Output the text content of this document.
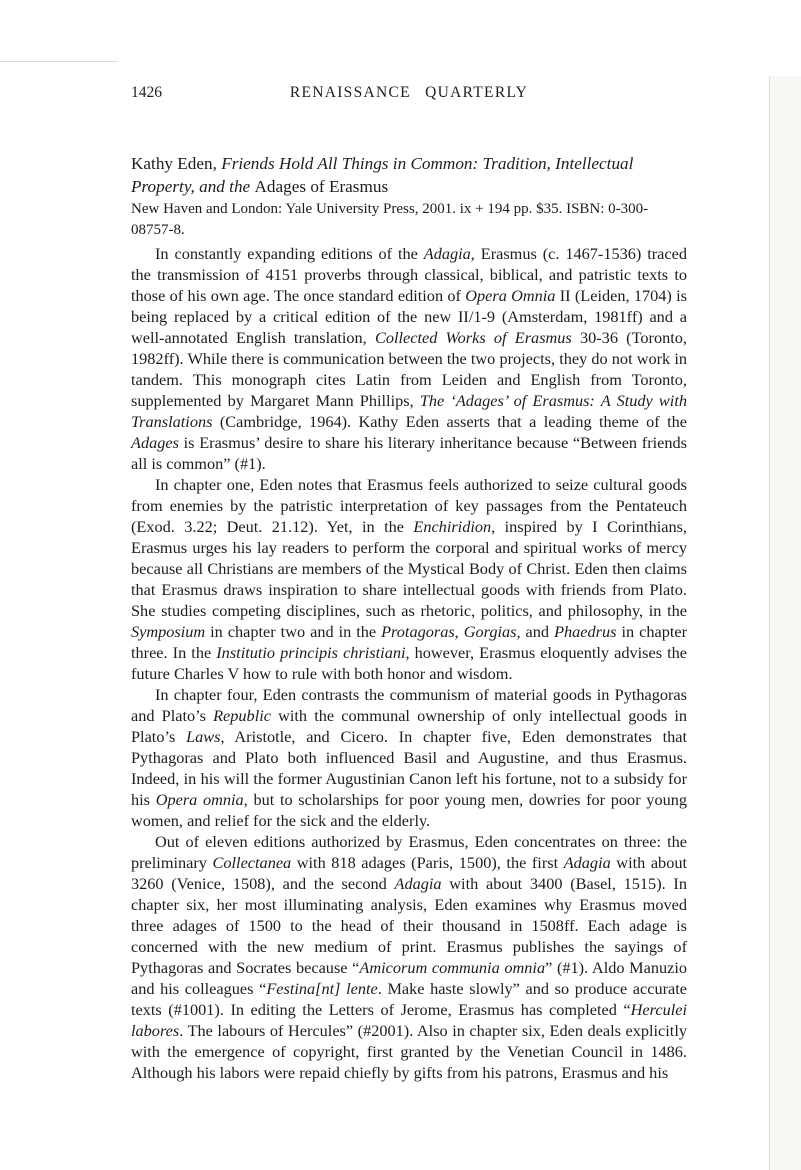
1426	RENAISSANCE QUARTERLY
Kathy Eden, Friends Hold All Things in Common: Tradition, Intellectual Property, and the Adages of Erasmus
New Haven and London: Yale University Press, 2001. ix + 194 pp. $35. ISBN: 0-300-08757-8.

In constantly expanding editions of the Adagia, Erasmus (c. 1467-1536) traced the transmission of 4151 proverbs through classical, biblical, and patristic texts to those of his own age. The once standard edition of Opera Omnia II (Leiden, 1704) is being replaced by a critical edition of the new II/1-9 (Amsterdam, 1981ff) and a well-annotated English translation, Collected Works of Erasmus 30-36 (Toronto, 1982ff). While there is communication between the two projects, they do not work in tandem. This monograph cites Latin from Leiden and English from Toronto, supplemented by Margaret Mann Phillips, The ‘Adages’ of Erasmus: A Study with Translations (Cambridge, 1964). Kathy Eden asserts that a leading theme of the Adages is Erasmus’ desire to share his literary inheritance because “Between friends all is common” (#1).

In chapter one, Eden notes that Erasmus feels authorized to seize cultural goods from enemies by the patristic interpretation of key passages from the Pentateuch (Exod. 3.22; Deut. 21.12). Yet, in the Enchiridion, inspired by I Corinthians, Erasmus urges his lay readers to perform the corporal and spiritual works of mercy because all Christians are members of the Mystical Body of Christ. Eden then claims that Erasmus draws inspiration to share intellectual goods with friends from Plato. She studies competing disciplines, such as rhetoric, politics, and philosophy, in the Symposium in chapter two and in the Protagoras, Gorgias, and Phaedrus in chapter three. In the Institutio principis christiani, however, Erasmus eloquently advises the future Charles V how to rule with both honor and wisdom.

In chapter four, Eden contrasts the communism of material goods in Pythagoras and Plato’s Republic with the communal ownership of only intellectual goods in Plato’s Laws, Aristotle, and Cicero. In chapter five, Eden demonstrates that Pythagoras and Plato both influenced Basil and Augustine, and thus Erasmus. Indeed, in his will the former Augustinian Canon left his fortune, not to a subsidy for his Opera omnia, but to scholarships for poor young men, dowries for poor young women, and relief for the sick and the elderly.

Out of eleven editions authorized by Erasmus, Eden concentrates on three: the preliminary Collectanea with 818 adages (Paris, 1500), the first Adagia with about 3260 (Venice, 1508), and the second Adagia with about 3400 (Basel, 1515). In chapter six, her most illuminating analysis, Eden examines why Erasmus moved three adages of 1500 to the head of their thousand in 1508ff. Each adage is concerned with the new medium of print. Erasmus publishes the sayings of Pythagoras and Socrates because “Amicorum communia omnia” (#1). Aldo Manuzio and his colleagues “Festina[nt] lente. Make haste slowly” and so produce accurate texts (#1001). In editing the Letters of Jerome, Erasmus has completed “Herculei labores. The labours of Hercules” (#2001). Also in chapter six, Eden deals explicitly with the emergence of copyright, first granted by the Venetian Council in 1486. Although his labors were repaid chiefly by gifts from his patrons, Erasmus and his
